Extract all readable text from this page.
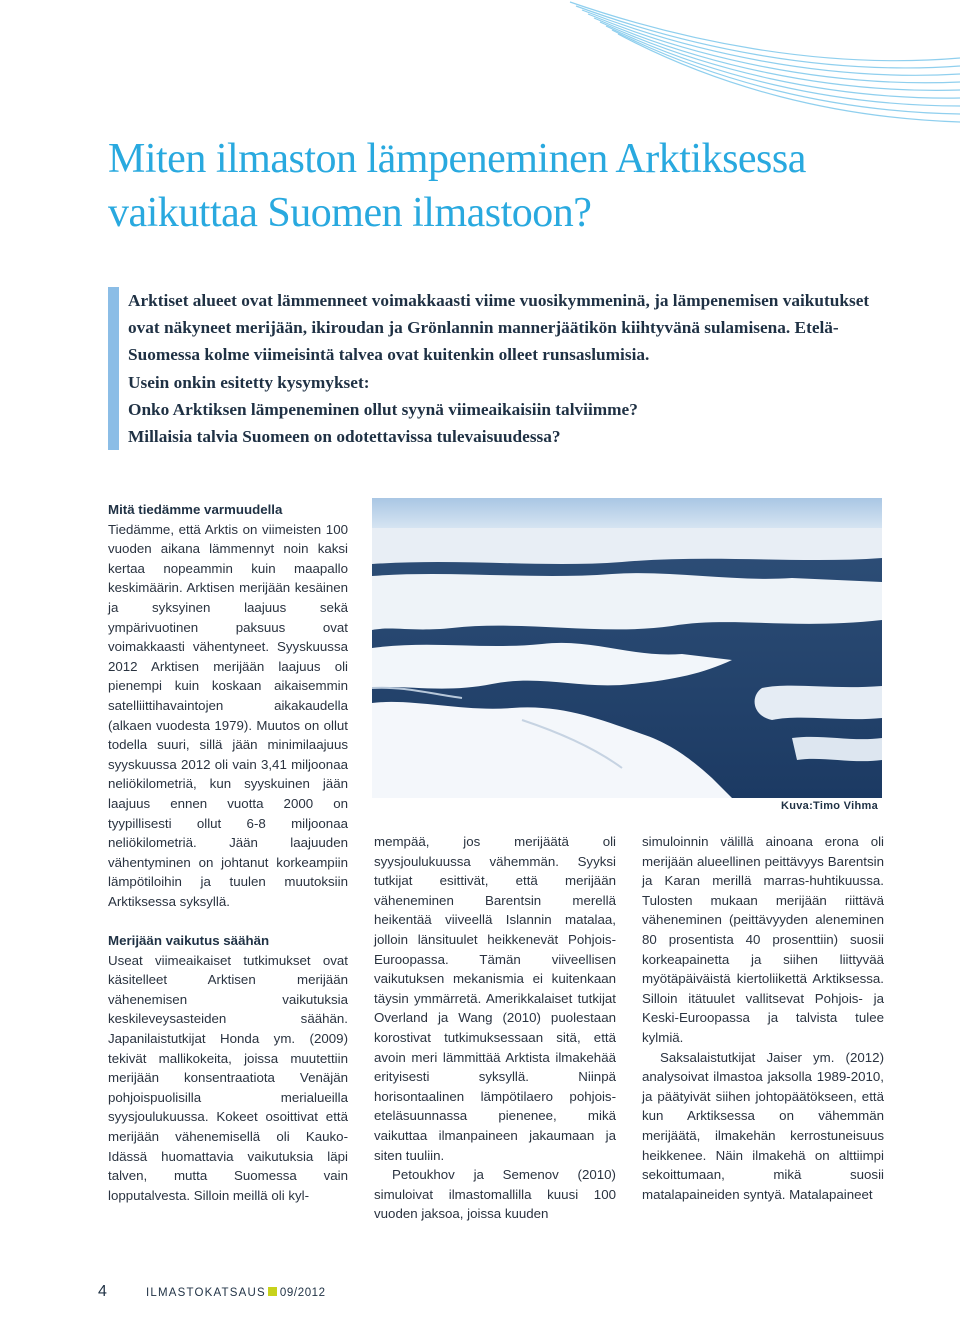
Miten ilmaston lämpeneminen Arktiksessa
vaikuttaa Suomen ilmastoon?

Arktiset alueet ovat lämmenneet voimakkaasti viime vuosikymmeninä, ja lämpenemisen vaikutukset ovat näkyneet merijään, ikiroudan ja Grönlannin mannerjäätikön kiihtyvänä sulamisena. Etelä-Suomessa kolme viimeisintä talvea ovat kuitenkin olleet runsaslumisia.

Usein onkin esitetty kysymykset:

Onko Arktiksen lämpeneminen ollut syynä viimeaikaisiin talviimme?

Millaisia talvia Suomeen on odotettavissa tulevaisuudessa?

Mitä tiedämme varmuudella

Tiedämme, että Arktis on viimeisten 100 vuoden aikana lämmennyt noin kaksi kertaa nopeammin kuin maapallo keskimäärin. Arktisen merijään kesäinen ja syksyinen laajuus sekä ympärivuotinen paksuus ovat voimakkaasti vähentyneet. Syyskuussa 2012 Arktisen merijään laajuus oli pienempi kuin koskaan aikaisemmin satelliittihavaintojen aikakaudella (alkaen vuodesta 1979). Muutos on ollut todella suuri, sillä jään minimilaajuus syyskuussa 2012 oli vain 3,41 miljoonaa neliökilometriä, kun syyskuinen jään laajuus ennen vuotta 2000 on tyypillisesti ollut 6-8 miljoonaa neliökilometriä. Jään laajuuden vähentyminen on johtanut korkeampiin lämpötiloihin ja tuulen muutoksiin Arktiksessa syksyllä.

Merijään vaikutus säähän

Useat viimeaikaiset tutkimukset ovat käsitelleet Arktisen merijään vähenemisen vaikutuksia keskileveysasteiden säähän. Japanilaistutkijat Honda ym. (2009) tekivät mallikokeita, joissa muutettiin merijään konsentraatiota Venäjän pohjoispuolisilla merialueilla syysjoulukuussa. Kokeet osoittivat että merijään vähenemisellä oli Kauko-Idässä huomattavia vaikutuksia läpi talven, mutta Suomessa vain lopputalvesta. Silloin meillä oli kyl-

Kuva:Timo Vihma

mempää, jos merijäätä oli syysjoulukuussa vähemmän. Syyksi tutkijat esittivät, että merijään väheneminen Barentsin merellä heikentää viiveellä Islannin matalaa, jolloin länsituulet heikkenevät Pohjois-Euroopassa. Tämän viiveellisen vaikutuksen mekanismia ei kuitenkaan täysin ymmärretä. Amerikkalaiset tutkijat Overland ja Wang (2010) puolestaan korostivat tutkimuksessaan sitä, että avoin meri lämmittää Arktista ilmakehää erityisesti syksyllä. Niinpä horisontaalinen lämpötilaero pohjois-eteläsuunnassa pienenee, mikä vaikuttaa ilmanpaineen jakaumaan ja siten tuuliin.

Petoukhov ja Semenov (2010) simuloivat ilmastomallilla kuusi 100 vuoden jaksoa, joissa kuuden

simuloinnin välillä ainoana erona oli merijään alueellinen peittävyys Barentsin ja Karan merillä marras-huhtikuussa. Tulosten mukaan merijään riittävä väheneminen (peittävyyden aleneminen 80 prosentista 40 prosenttiin) suosii korkeapainetta ja siihen liittyvää myötäpäiväistä kiertoliikettä Arktiksessa. Silloin itätuulet vallitsevat Pohjois- ja Keski-Euroopassa ja talvista tulee kylmiä.

Saksalaistutkijat Jaiser ym. (2012) analysoivat ilmastoa jaksolla 1989-2010, ja päätyivät siihen johtopäätökseen, että kun Arktiksessa on vähemmän merijäätä, ilmakehän kerrostuneisuus heikkenee. Näin ilmakehä on alttiimpi sekoittumaan, mikä suosii matalapaineiden syntyä. Matalapaineet

4	ILMASTOKATSAUS 09/2012
